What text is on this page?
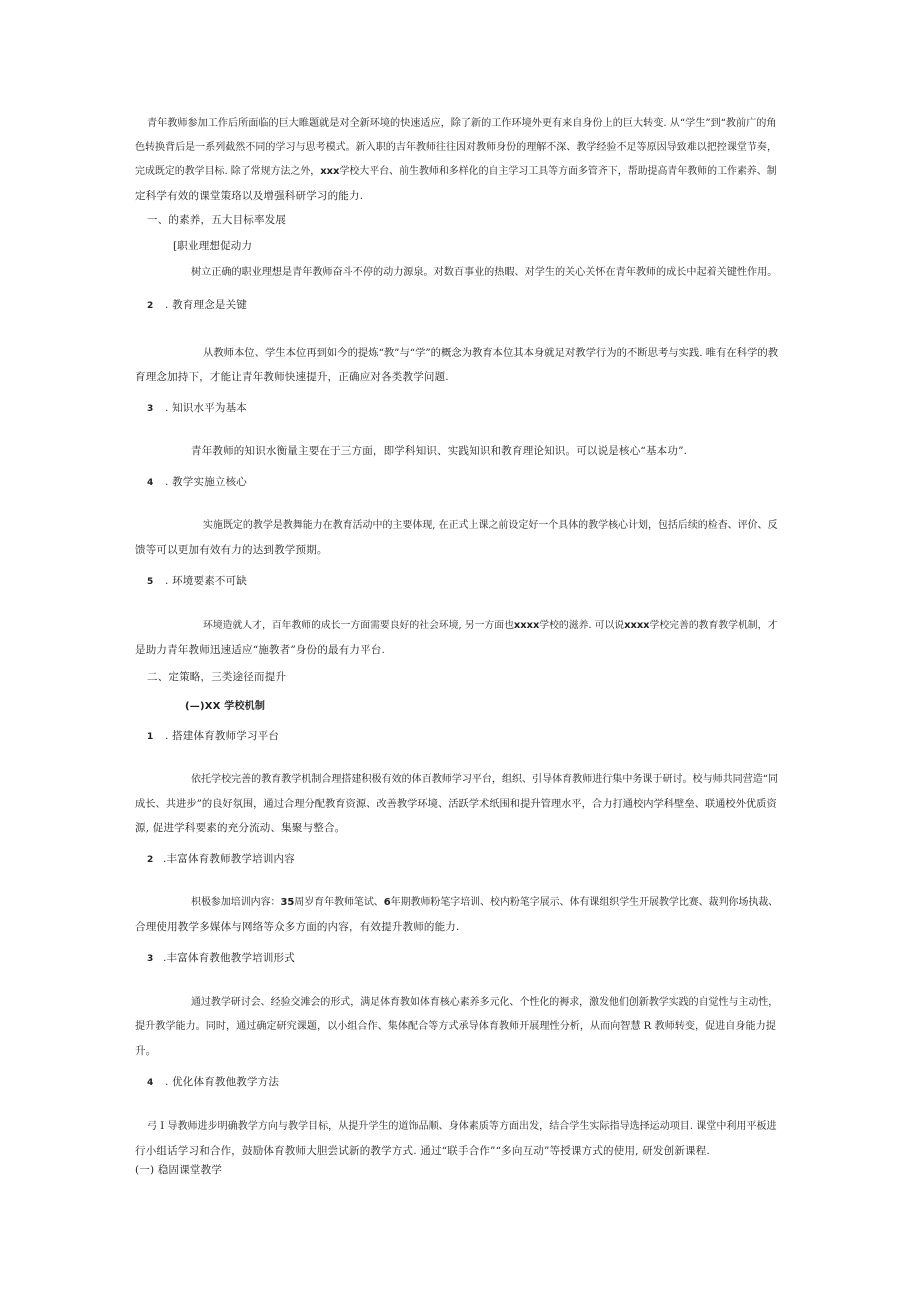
青年教师参加工作后所面临的巨大睢题就是对全新环境的快速适应，除了新的工作环境外更有来自身份上的巨大转变. 从“学生”到“教前广的角
色转换背后是一系列截然不同的学习与思考模式。新入职的吉年教师往往因对教师身份的理解不深、教学经验不足等原因导致难以把控课堂节奏，
完成既定的教学目标. 除了常规方法之外，xxx学校大平台、前生教师和多样化的自主学习工具等方面多管齐下，帮助提高青年教师的工作素养、制
定科学有效的课堂策珞以及增强科研学习的能力.
一、的素养，五大目标率发展
[职业理想促动力
树立正确的职业理想是青年教师奋斗不停的动力源泉。对数百事业的热暇、对学生的关心关怀在青年教师的成长中起着关键性作用。
2 . 教育理念是关键
从教师本位、学生本位再到如今的提炼“教”与“学”的概念为教育本位其本身就足对教学行为的不断思考与实践. 唯有在科学的教
育理念加持下，才能让青年教师快速提升，正确应对各类教学问题.
3 . 知识水平为基本
青年教师的知识水衡量主要在于三方面，即学科知识、实践知识和教育理论知识。可以说是核心“基本功”.
4 . 教学实施立核心
实施既定的教学是教舞能力在教育活动中的主要体现, 在正式上课之前设定好一个具体的教学核心计划，包括后续的检杳、评价、反
馈等可以更加有效有力的达到教学预期。
5 . 环境要素不可缺
环境造就人才，百年教师的成长一方面需要良好的社会环境, 另一方面也xxxx学校的滋养. 可以说xxxx学校完善的教育教学机制，才
是助力青年教师迅速适应“施教者”身份的最有力平台.
二、定策略，三类途径而提升
(—)XX 学校机制
1 . 搭建体育教师学习平台
依托学校完善的教育教学机制合理搭建积极有效的体百教师学习平台，组织、引导体育教师进行集中务课于研讨。校与师共同营造“同
成长、共进步”的良好氛围，通过合理分配教育资源、改善教学环境、活跃学术纸围和提升管理水平，合力打通校内学科壁垒、联通校外优质资
源, 促进学科要素的充分流动、集聚与整合。
2 .丰富体育教师教学培训内容
枳极参加培训内容：35周岁育年教师笔试、6年期教师粉笔字培训、校内粉笔字展示、体有课组织学生开展教学比赛、裁判你场执裁、
合理使用教学多媒体与网络等众多方面的内容，有效提升教师的能力.
3 .丰富体育教他教学培训形式
通过教学研讨会、经验交滩会的形式，满足体育教如体育核心素养多元化、个性化的褥求，激发他们创新教学实践的自觉性与主动性，
提升教学能力。同时，通过确定研究课题，以小组合作、集体配合等方式承导体育教师开展理性分析，从而向智慧 R 教师转变，促进自身能力提
升。
4 . 优化体育教他教学方法
弓 I 导教师进步明确教学方向与教学目标，从提升学生的道饰品顺、身体素质等方面出发，结合学生实际指导选择运动项目. 课堂中利用平板进
行小组话学习和合作，鼓励体育教师大胆尝试新的教学方式. 通过“联手合作”“多向互动”等授课方式的使用, 研发创新课程.
(一) 稳固课堂教学
